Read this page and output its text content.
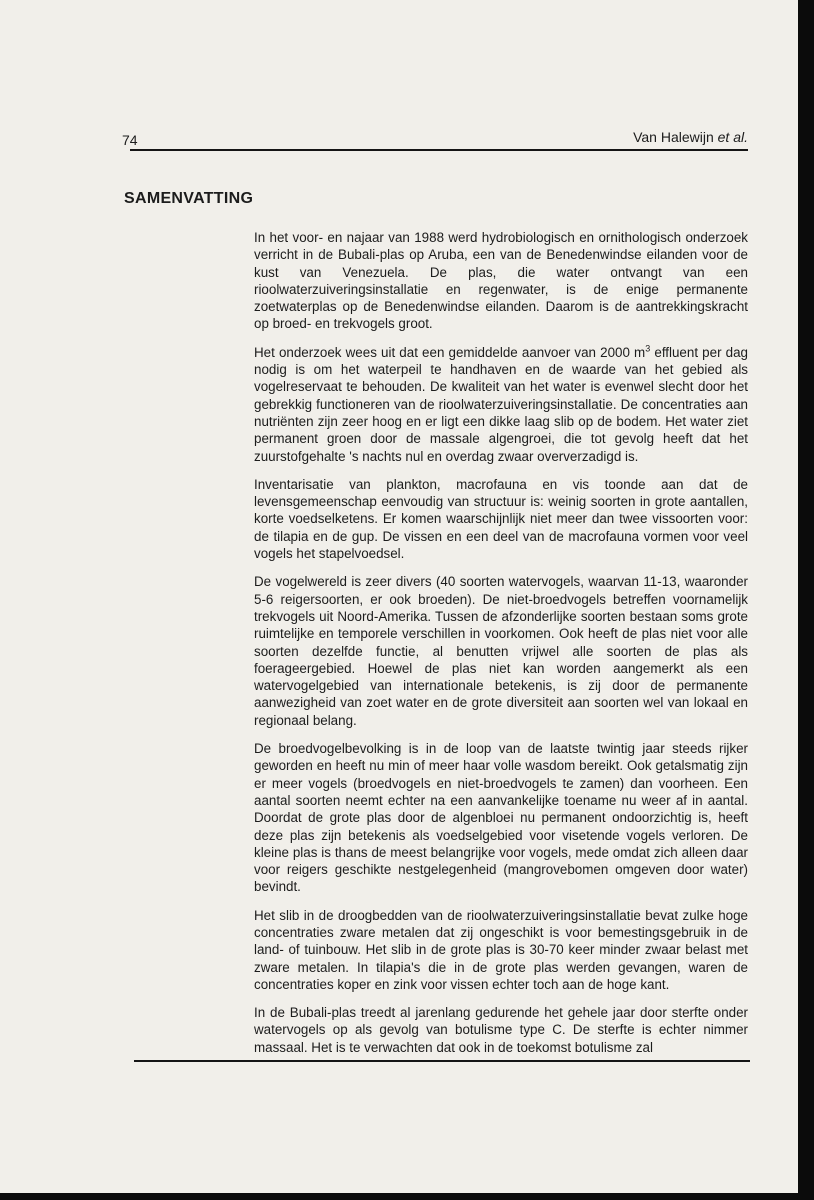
74	Van Halewijn et al.
SAMENVATTING

In het voor- en najaar van 1988 werd hydrobiologisch en ornithologisch onderzoek verricht in de Bubali-plas op Aruba, een van de Benedenwindse eilanden voor de kust van Venezuela. De plas, die water ontvangt van een rioolwaterzuiveringsinstallatie en regenwater, is de enige permanente zoetwaterplas op de Benedenwindse eilanden. Daarom is de aantrekkingskracht op broed- en trekvogels groot.

Het onderzoek wees uit dat een gemiddelde aanvoer van 2000 $m^3$ effluent per dag nodig is om het waterpeil te handhaven en de waarde van het gebied als vogelreservaat te behouden. De kwaliteit van het water is evenwel slecht door het gebrekkig functioneren van de rioolwaterzuiveringsinstallatie. De concentraties aan nutriënten zijn zeer hoog en er ligt een dikke laag slib op de bodem. Het water ziet permanent groen door de massale algengroei, die tot gevolg heeft dat het zuurstofgehalte 's nachts nul en overdag zwaar oververzadigd is.

Inventarisatie van plankton, macrofauna en vis toonde aan dat de levensgemeenschap eenvoudig van structuur is: weinig soorten in grote aantallen, korte voedselketens. Er komen waarschijnlijk niet meer dan twee vissoorten voor: de tilapia en de gup. De vissen en een deel van de macrofauna vormen voor veel vogels het stapelvoedsel.

De vogelwereld is zeer divers (40 soorten watervogels, waarvan 11-13, waaronder 5-6 reigersoorten, er ook broeden). De niet-broedvogels betreffen voornamelijk trekvogels uit Noord-Amerika. Tussen de afzonderlijke soorten bestaan soms grote ruimtelijke en temporele verschillen in voorkomen. Ook heeft de plas niet voor alle soorten dezelfde functie, al benutten vrijwel alle soorten de plas als foerageergebied. Hoewel de plas niet kan worden aangemerkt als een watervogelgebied van internationale betekenis, is zij door de permanente aanwezigheid van zoet water en de grote diversiteit aan soorten wel van lokaal en regionaal belang.

De broedvogelbevolking is in de loop van de laatste twintig jaar steeds rijker geworden en heeft nu min of meer haar volle wasdom bereikt. Ook getalsmatig zijn er meer vogels (broedvogels en niet-broedvogels te zamen) dan voorheen. Een aantal soorten neemt echter na een aanvankelijke toename nu weer af in aantal. Doordat de grote plas door de algenbloei nu permanent ondoorzichtig is, heeft deze plas zijn betekenis als voedselgebied voor visetende vogels verloren. De kleine plas is thans de meest belangrijke voor vogels, mede omdat zich alleen daar voor reigers geschikte nestgelegenheid (mangrovebomen omgeven door water) bevindt.

Het slib in de droogbedden van de rioolwaterzuiveringsinstallatie bevat zulke hoge concentraties zware metalen dat zij ongeschikt is voor bemestingsgebruik in de land- of tuinbouw. Het slib in de grote plas is 30-70 keer minder zwaar belast met zware metalen. In tilapia's die in de grote plas werden gevangen, waren de concentraties koper en zink voor vissen echter toch aan de hoge kant.

In de Bubali-plas treedt al jarenlang gedurende het gehele jaar door sterfte onder watervogels op als gevolg van botulisme type C. De sterfte is echter nimmer massaal. Het is te verwachten dat ook in de toekomst botulisme zal
